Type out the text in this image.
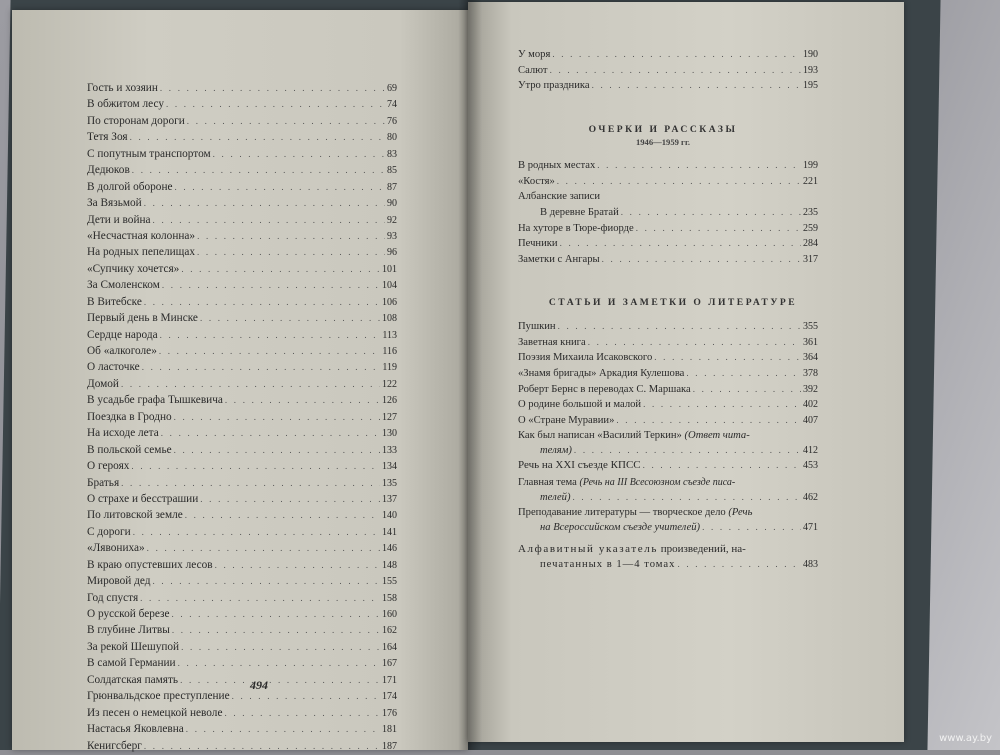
Гость и хозяин . . .	69
В обжитом лесу . . .	74
По сторонам дороги . . .	76
Тетя Зоя . . .	80
С попутным транспортом . . .	83
Дедюков . . .	85
В долгой обороне . . .	87
За Вязьмой . . .	90
Дети и война . . .	92
«Несчастная колонна» . . .	93
На родных пепелищах . . .	96
«Супчику хочется» . . .	101
За Смоленском . . .	104
В Витебске . . .	106
Первый день в Минске . . .	108
Сердце народа . . .	113
Об «алкоголе» . . .	116
О ласточке . . .	119
Домой . . .	122
В усадьбе графа Тышкевича . . .	126
Поездка в Гродно . . .	127
На исходе лета . . .	130
В польской семье . . .	133
О героях . . .	134
Братья . . .	135
О страхе и бесстрашии . . .	137
По литовской земле . . .	140
С дороги . . .	141
«Лявониха» . . .	146
В краю опустевших лесов . . .	148
Мировой дед . . .	155
Год спустя . . .	158
О русской березе . . .	160
В глубине Литвы . . .	162
За рекой Шешупой . . .	164
В самой Германии . . .	167
Солдатская память . . .	171
Грюнвальдское преступление . . .	174
Из песен о немецкой неволе . . .	176
Настасья Яковлевна . . .	181
Кенигсберг . . .	187
494
У моря . . .	190
Салют . . .	193
Утро праздника . . .	195
ОЧЕРКИ И РАССКАЗЫ
1946—1959 гг.
В родных местах . . .	199
«Костя» . . .	221
Албанские записи
В деревне Братай . . .	235
На хуторе в Тюре-фиорде . . .	259
Печники . . .	284
Заметки с Ангары . . .	317
СТАТЬИ И ЗАМЕТКИ О ЛИТЕРАТУРЕ
Пушкин . . .	355
Заветная книга . . .	361
Поэзия Михаила Исаковского . . .	364
«Знамя бригады» Аркадия Кулешова . . .	378
Роберт Бернс в переводах С. Маршака . . .	392
О родине большой и малой . . .	402
О «Стране Муравии» . . .	407
Как был написан «Василий Теркин»
(Ответ чита-
телям) . . .	412
Речь на XXI съезде КПСС . . .	453
Главная тема
(Речь на III Всесоюзном съезде писа-
телей) . . .	462
Преподавание литературы — творческое дело
(Речь
на Всероссийском съезде учителей) . . .	471
Алфавитный указатель
произведений, на-
печатанных в 1—4 томах . . .	483
www.ay.by
